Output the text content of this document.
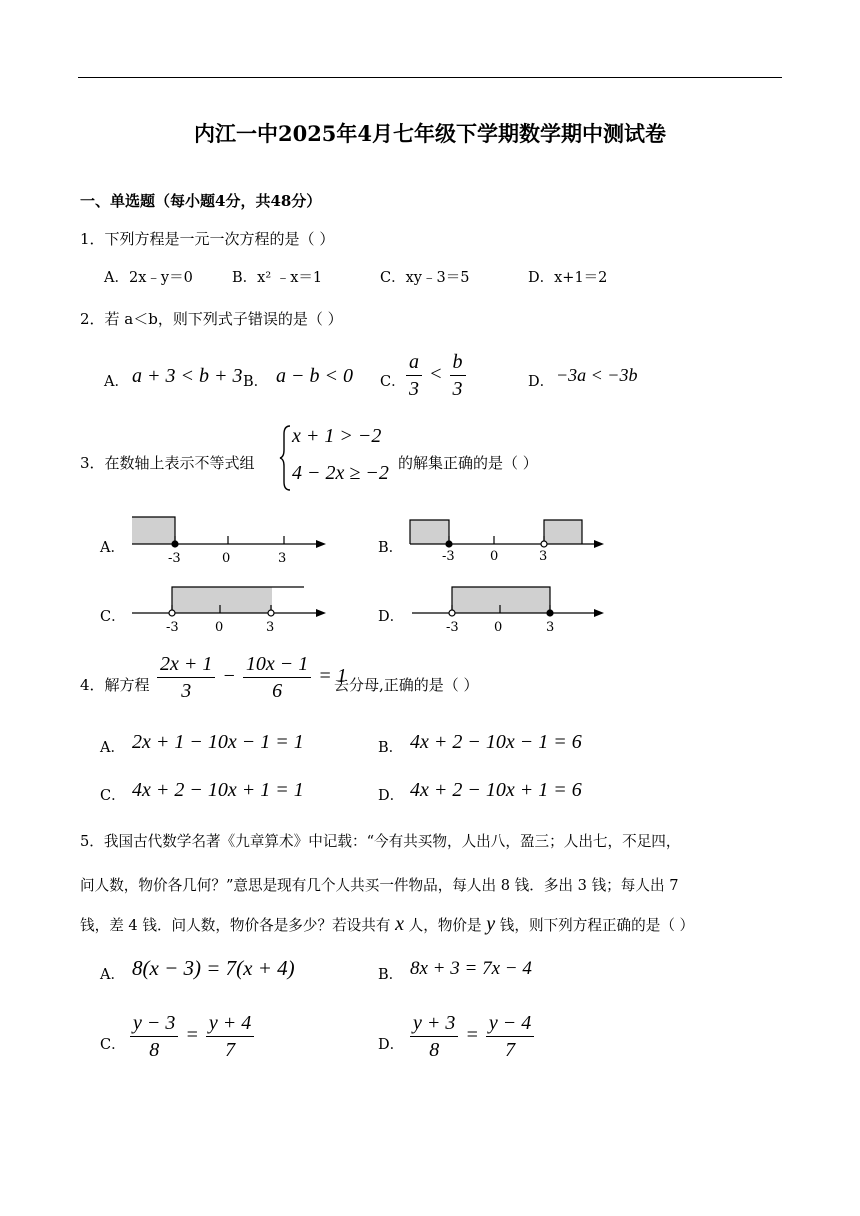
内江一中2025年4月七年级下学期数学期中测试卷
一、单选题（每小题4分，共48分）
1．下列方程是一元一次方程的是（ ）
A．2x﹣y＝0	B．x² ﹣x＝1	C．xy﹣3＝5	D．x+1＝2
2．若 a＜b，则下列式子错误的是（ ）
A． a + 3 < b + 3 B． a − b < 0 C． $\frac{a}{3} < \frac{b}{3}$	D． −3a < −3b
3．在数轴上表示不等式组
x + 1 > −2
4 − 2x ≥ −2 的解集正确的是（ ）
A．	B．
C．	D．
-3	0	3	-3	0	3
-3	0	3	-3	0	3
4．解方程 $\frac{2x + 1}{3} - \frac{10x - 1}{6} = 1$
去分母,正确的是（ ）
A． 2x + 1 − 10x − 1 = 1	B． 4x + 2 − 10x − 1 = 6
C． 4x + 2 − 10x + 1 = 1	D． 4x + 2 − 10x + 1 = 6
5．我国古代数学名著《九章算术》中记载：“今有共买物，人出八，盈三；人出七，不足四，
问人数，物价各几何？”意思是现有几个人共买一件物品，每人出 8 钱．多出 3 钱；每人出 7
钱，差 4 钱．问人数，物价各是多少？若设共有 x 人，物价是 y 钱，则下列方程正确的是（ ）
A． 8(x − 3) = 7(x + 4)	B． 8x + 3 = 7x − 4
C． $\frac{y - 3}{8} = \frac{y + 4}{7}$	D． $\frac{y + 3}{8} = \frac{y - 4}{7}$
